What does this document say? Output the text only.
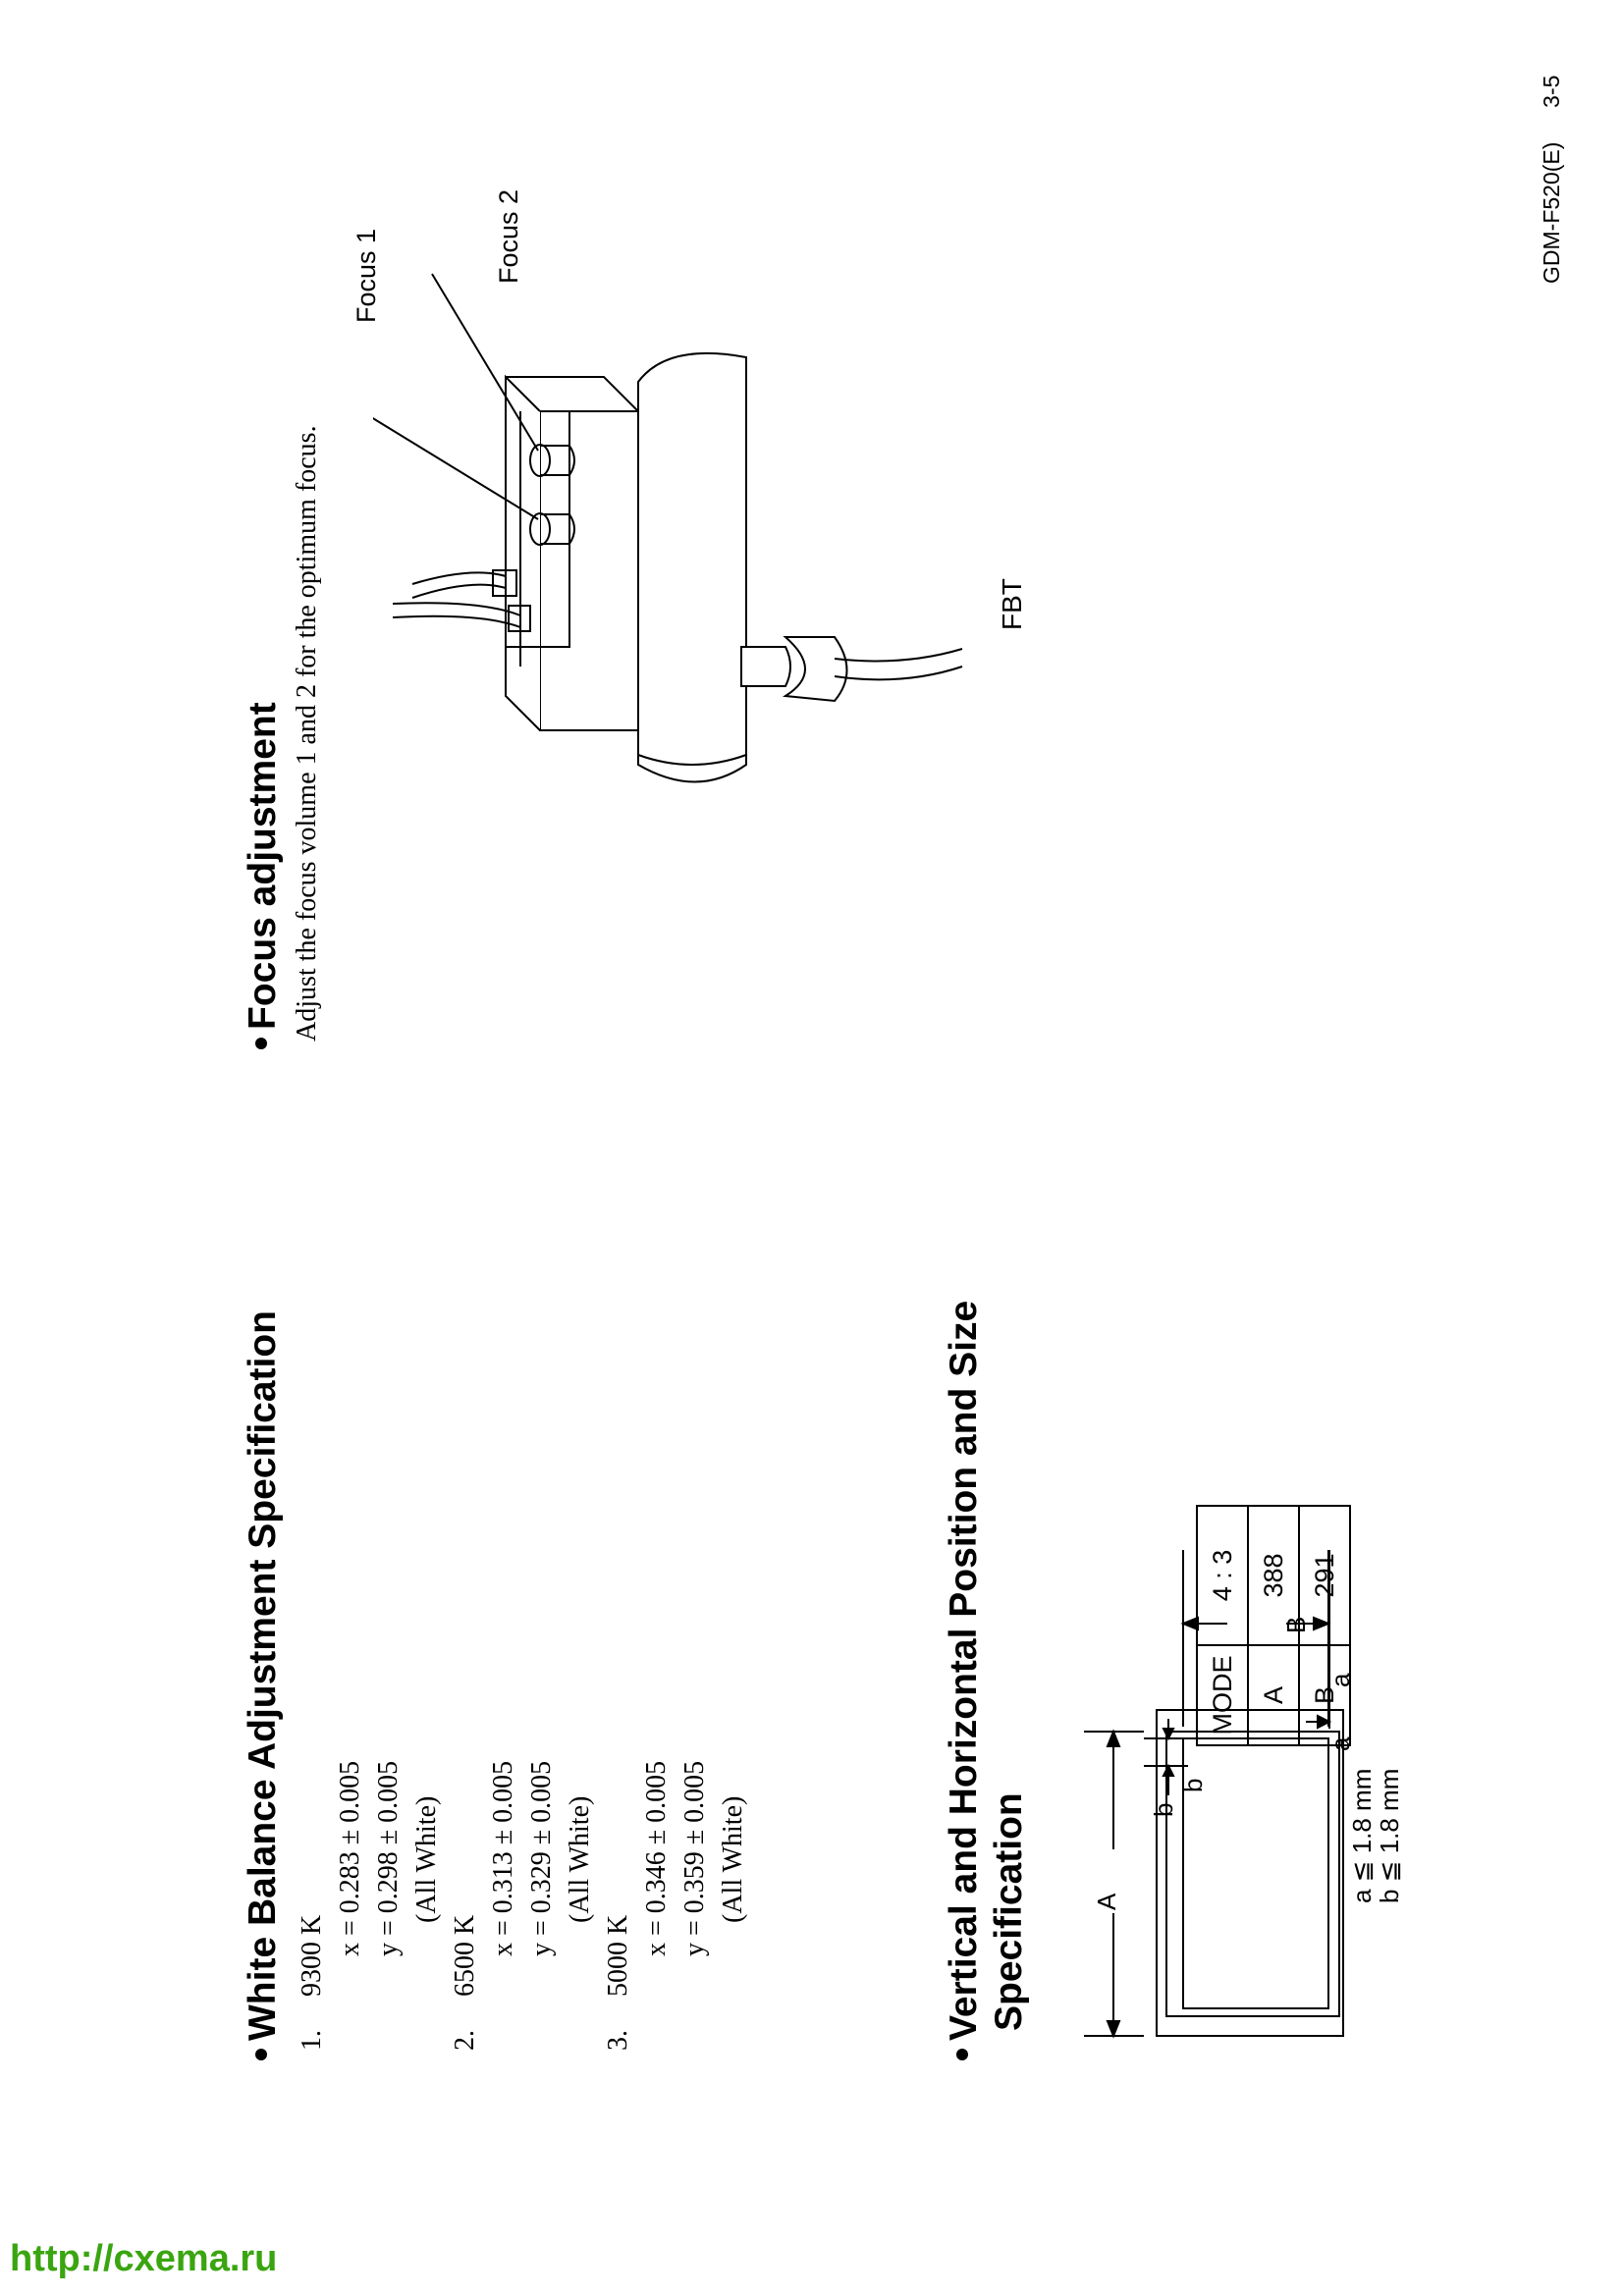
GDM-F520(E)  3-5
Focus adjustment Adjust the focus volume 1 and 2 for the optimum focus.
Focus 1	Focus 2
FBT
White Balance Adjustment Specification 1.9300 K x = 0.283 ± 0.005 y = 0.298 ± 0.005 (All White)
2.6500 K x = 0.313 ± 0.005 y = 0.329 ± 0.005 (All White)
3.5000 K x = 0.346 ± 0.005 y = 0.359 ± 0.005 (All White)	Vertical and Horizontal Position and Size Specification A
b
b
B
a
a
a ≦ 1.8 mm
b ≦ 1.8 mm
MODE	4 : 3
A	388
B	291
http://cxema.ru
